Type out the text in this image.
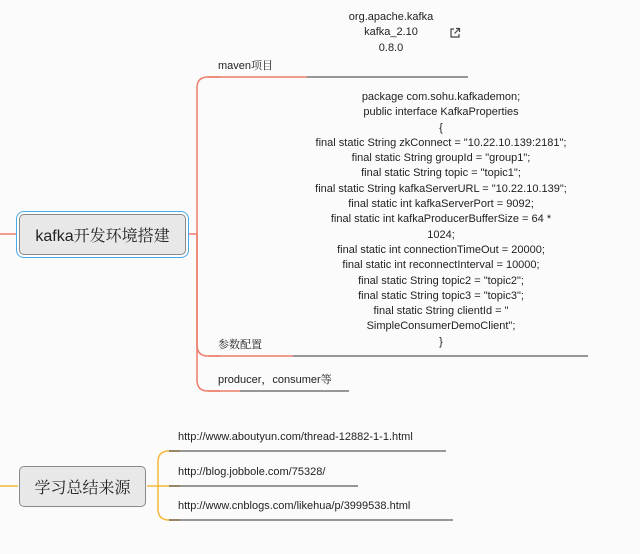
kafka开发环境搭建
org.apache.kafka
kafka_2.10
0.8.0
maven项目
package com.sohu.kafkademon;
public interface KafkaProperties
{
final static String zkConnect = "10.22.10.139:2181";
final static String groupId = "group1";
final static String topic = "topic1";
final static String kafkaServerURL = "10.22.10.139";
final static int kafkaServerPort = 9092;
final static int kafkaProducerBufferSize = 64 *
1024;
final static int connectionTimeOut = 20000;
final static int reconnectInterval = 10000;
final static String topic2 = "topic2";
final static String topic3 = "topic3";
final static String clientId = "
SimpleConsumerDemoClient";
}
参数配置
producer，consumer等
学习总结来源
http://www.aboutyun.com/thread-12882-1-1.html
http://blog.jobbole.com/75328/
http://www.cnblogs.com/likehua/p/3999538.html
